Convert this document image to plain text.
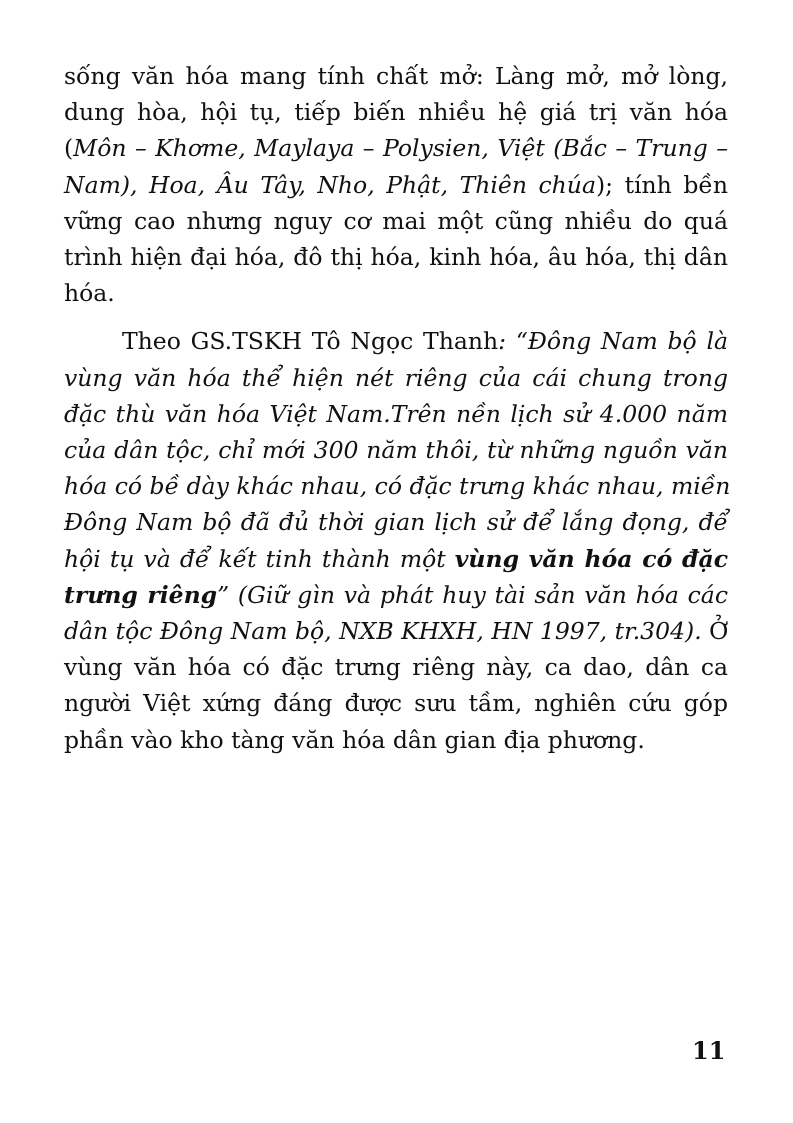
sống văn hóa mang tính chất mở: Làng mở, mở lòng,
dung hòa, hội tụ, tiếp biến nhiều hệ giá trị văn hóa
(Môn – Khơme, Maylaya – Polysien, Việt (Bắc – Trung –
Nam), Hoa, Âu Tây, Nho, Phật, Thiên chúa); tính bền
vững cao nhưng nguy cơ mai một cũng nhiều do quá
trình hiện đại hóa, đô thị hóa, kinh hóa, âu hóa, thị dân
hóa.

Theo GS.TSKH Tô Ngọc Thanh: “Đông Nam bộ là
vùng văn hóa thể hiện nét riêng của cái chung trong
đặc thù văn hóa Việt Nam.Trên nền lịch sử 4.000 năm
của dân tộc, chỉ mới 300 năm thôi, từ những nguồn văn
hóa có bề dày khác nhau, có đặc trưng khác nhau, miền
Đông Nam bộ đã đủ thời gian lịch sử để lắng đọng, để
hội tụ và để kết tinh thành một vùng văn hóa có đặc
trưng riêng” (Giữ gìn và phát huy tài sản văn hóa các
dân tộc Đông Nam bộ, NXB KHXH, HN 1997, tr.304). Ở
vùng văn hóa có đặc trưng riêng này, ca dao, dân ca
người Việt xứng đáng được sưu tầm, nghiên cứu góp
phần vào kho tàng văn hóa dân gian địa phương.

11
